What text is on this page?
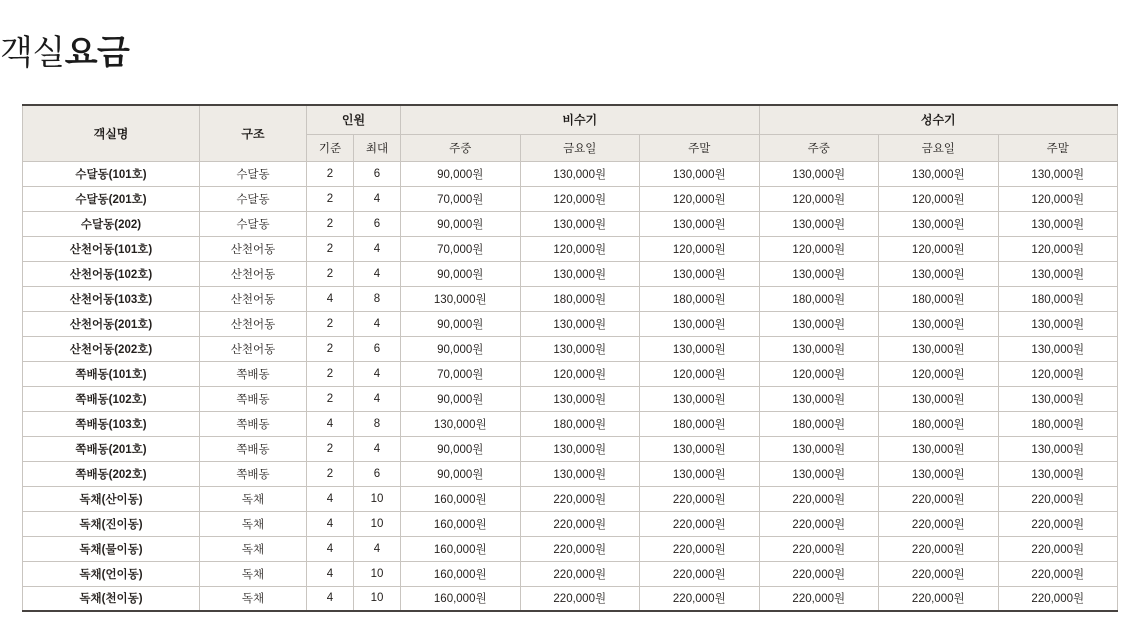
객실요금
객실명	구조	인원		비수기			성수기		
		기준	최대	주중	금요일	주말	주중	금요일	주말
수달동(101호)	수달동	2	6	90,000원	130,000원	130,000원	130,000원	130,000원	130,000원
수달동(201호)	수달동	2	4	70,000원	120,000원	120,000원	120,000원	120,000원	120,000원
수달동(202)	수달동	2	6	90,000원	130,000원	130,000원	130,000원	130,000원	130,000원
산천어동(101호)	산천어동	2	4	70,000원	120,000원	120,000원	120,000원	120,000원	120,000원
산천어동(102호)	산천어동	2	4	90,000원	130,000원	130,000원	130,000원	130,000원	130,000원
산천어동(103호)	산천어동	4	8	130,000원	180,000원	180,000원	180,000원	180,000원	180,000원
산천어동(201호)	산천어동	2	4	90,000원	130,000원	130,000원	130,000원	130,000원	130,000원
산천어동(202호)	산천어동	2	6	90,000원	130,000원	130,000원	130,000원	130,000원	130,000원
쪽배동(101호)	쪽배동	2	4	70,000원	120,000원	120,000원	120,000원	120,000원	120,000원
쪽배동(102호)	쪽배동	2	4	90,000원	130,000원	130,000원	130,000원	130,000원	130,000원
쪽배동(103호)	쪽배동	4	8	130,000원	180,000원	180,000원	180,000원	180,000원	180,000원
쪽배동(201호)	쪽배동	2	4	90,000원	130,000원	130,000원	130,000원	130,000원	130,000원
쪽배동(202호)	쪽배동	2	6	90,000원	130,000원	130,000원	130,000원	130,000원	130,000원
독채(산이동)	독채	4	10	160,000원	220,000원	220,000원	220,000원	220,000원	220,000원
독채(진이동)	독채	4	10	160,000원	220,000원	220,000원	220,000원	220,000원	220,000원
독채(물이동)	독채	4	4	160,000원	220,000원	220,000원	220,000원	220,000원	220,000원
독채(언이동)	독채	4	10	160,000원	220,000원	220,000원	220,000원	220,000원	220,000원
독채(천이동)	독채	4	10	160,000원	220,000원	220,000원	220,000원	220,000원	220,000원
